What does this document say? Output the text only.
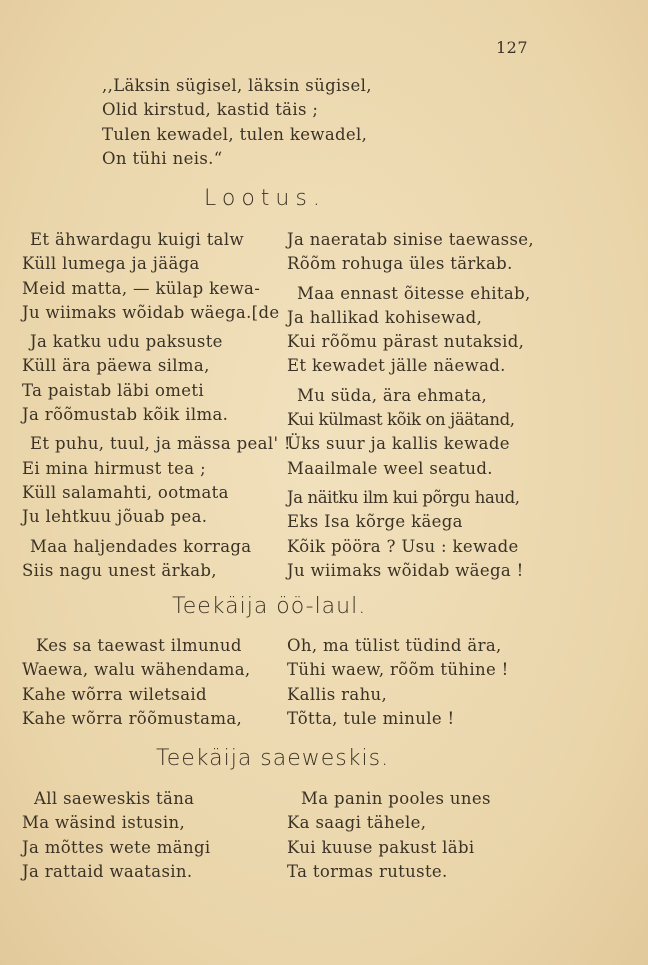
127
,,Läksin sügisel, läksin sügisel,
Olid kirstud, kastid täis ;
Tulen kewadel, tulen kewadel,
On tühi neis.“
Lootus.
Et ähwardagu kuigi talw
Küll lumega ja jääga
Meid matta, — külap kewa-
Ju wiimaks wõidab wäega.[de
Ja katku udu paksuste
Küll ära päewa silma,
Ta paistab läbi ometi
Ja rõõmustab kõik ilma.
Et puhu, tuul, ja mässa peal' !
Ei mina hirmust tea ;
Küll salamahti, ootmata
Ju lehtkuu jõuab pea.
Maa haljendades korraga
Siis nagu unest ärkab,
Ja naeratab sinise taewasse,
Rõõm rohuga üles tärkab.
Maa ennast õitesse ehitab,
Ja hallikad kohisewad,
Kui rõõmu pärast nutaksid,
Et kewadet jälle näewad.
Mu süda, ära ehmata,
Kui külmast kõik on jäätand,
Üks suur ja kallis kewade
Maailmale weel seatud.
Ja näitku ilm kui põrgu haud,
Eks Isa kõrge käega
Kõik pööra ? Usu : kewade
Ju wiimaks wõidab wäega !
Teekäija öö-laul.
Kes sa taewast ilmunud
Waewa, walu wähendama,
Kahe wõrra wiletsaid
Kahe wõrra rõõmustama,
Oh, ma tülist tüdind ära,
Tühi waew, rõõm tühine !
Kallis rahu,
Tõtta, tule minule !
Teekäija saeweskis.
All saeweskis täna
Ma wäsind istusin,
Ja mõttes wete mängi
Ja rattaid waatasin.
Ma panin pooles unes
Ka saagi tähele,
Kui kuuse pakust läbi
Ta tormas rutuste.
